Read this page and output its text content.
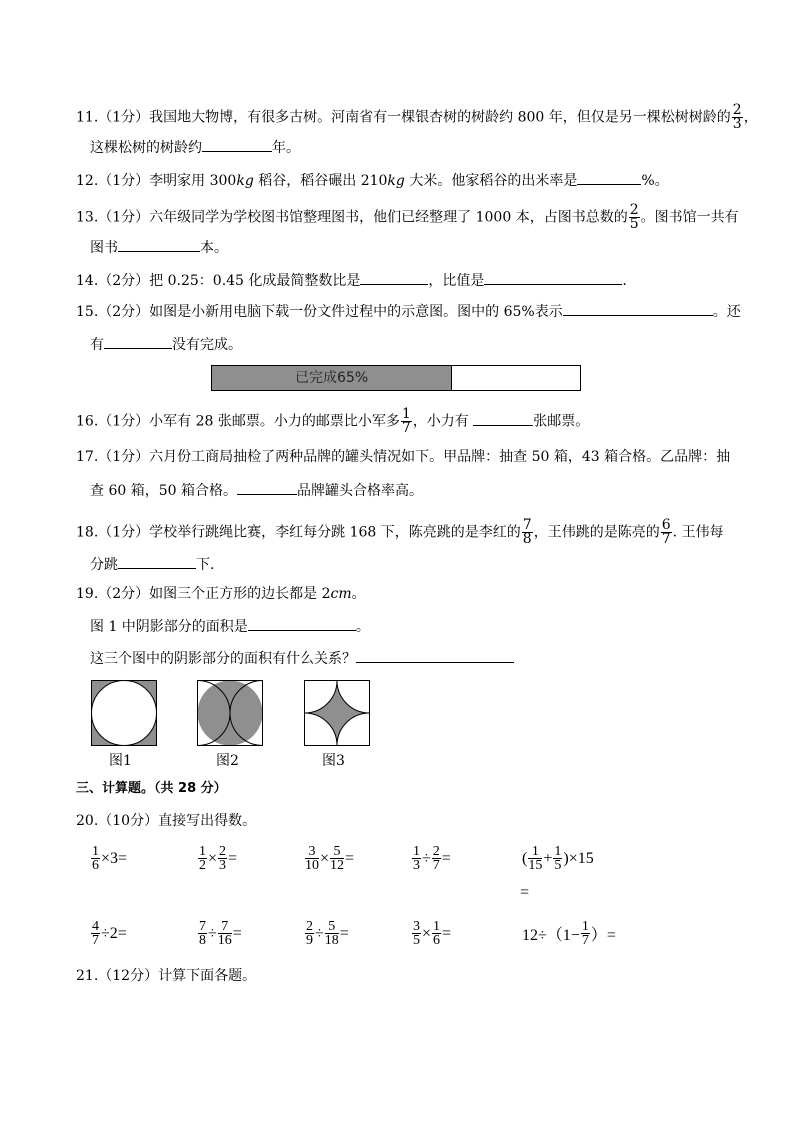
11.（1分）我国地大物博，有很多古树。河南省有一棵银杏树的树龄约 800 年，但仅是另一棵松树树龄的 $\frac{2}{3}$ ，
这棵松树的树龄约	年。
12.（1分）李明家用 300kg 稻谷，稻谷碾出 210kg 大米。他家稻谷的出米率是	%。
13.（1分）六年级同学为学校图书馆整理图书，他们已经整理了 1000 本，占图书总数的 $\frac{2}{5}$ 。图书馆一共有
图书	本。
14.（2分）把 0.25：0.45 化成最简整数比是	，比值是	.
15.（2分）如图是小新用电脑下载一份文件过程中的示意图。图中的 65%表示	。还
有	没有完成。
已完成65%
16.（1分）小军有 28 张邮票。小力的邮票比小军多 $\frac{1}{7}$ ，小力有	张邮票。
17.（1分）六月份工商局抽检了两种品牌的罐头情况如下。甲品牌：抽查 50 箱，43 箱合格。乙品牌：抽
查 60 箱，50 箱合格。	品牌罐头合格率高。
18.（1分）学校举行跳绳比赛，李红每分跳 168 下，陈亮跳的是李红的 $\frac{7}{8}$ ，王伟跳的是陈亮的 $\frac{6}{7}$ . 王伟每
分跳	下.
19.（2分）如图三个正方形的边长都是 2cm。
图 1 中阴影部分的面积是	。
这三个图中的阴影部分的面积有什么关系？
图1	图2	图3
三、计算题。（共 28 分）
20.（10分）直接写出得数。
$\frac{1}{6} \times 3=$	$\frac{1}{2} \times \frac{2}{3}$ =	$\frac{3}{10} \times \frac{5}{12}$ =	$\frac{1}{3} \div \frac{2}{7}$ =	( $\frac{1}{15} + \frac{1}{5} )\times 15$
=
$\frac{4}{7} \div 2=$	$\frac{7}{8} \div \frac{7}{16}$ =	$\frac{2}{9} \div \frac{5}{18}$ =	$\frac{3}{5} \times \frac{1}{6}$ =	$12\div(1- \frac{1}{7}$ ）=
21.（12分）计算下面各题。
